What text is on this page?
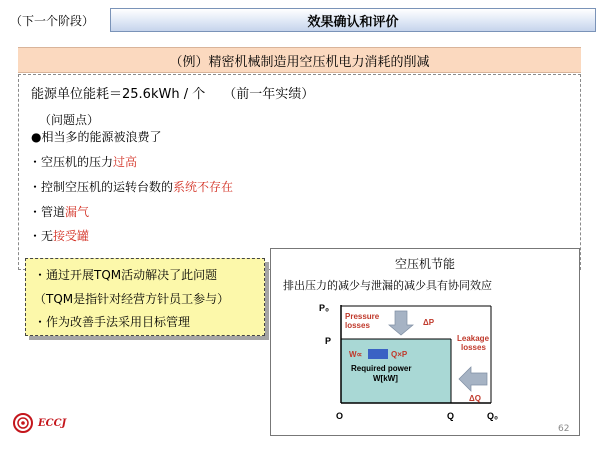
（下一个阶段）	效果确认和评价
（例）精密机械制造用空压机电力消耗的削减
能源单位能耗＝25.6kWh / 个 （前一年实绩）
（问题点）
●相当多的能源被浪费了
・空压机的压力过高
・控制空压机的运转台数的系统不存在
・管道漏气
・无接受罐
・通过开展TQM活动解决了此问题
（TQM是指针对经营方针员工参与）
・作为改善手法采用目标管理
空压机节能
排出压力的减少与泄漏的减少具有协同效应
P₀
P
O	Q	Q₀
Pressure
losses	ΔP
Leakage
losses
ΔQ
W∝	Q×P
Required power
W[kW]
ECCJ
62
